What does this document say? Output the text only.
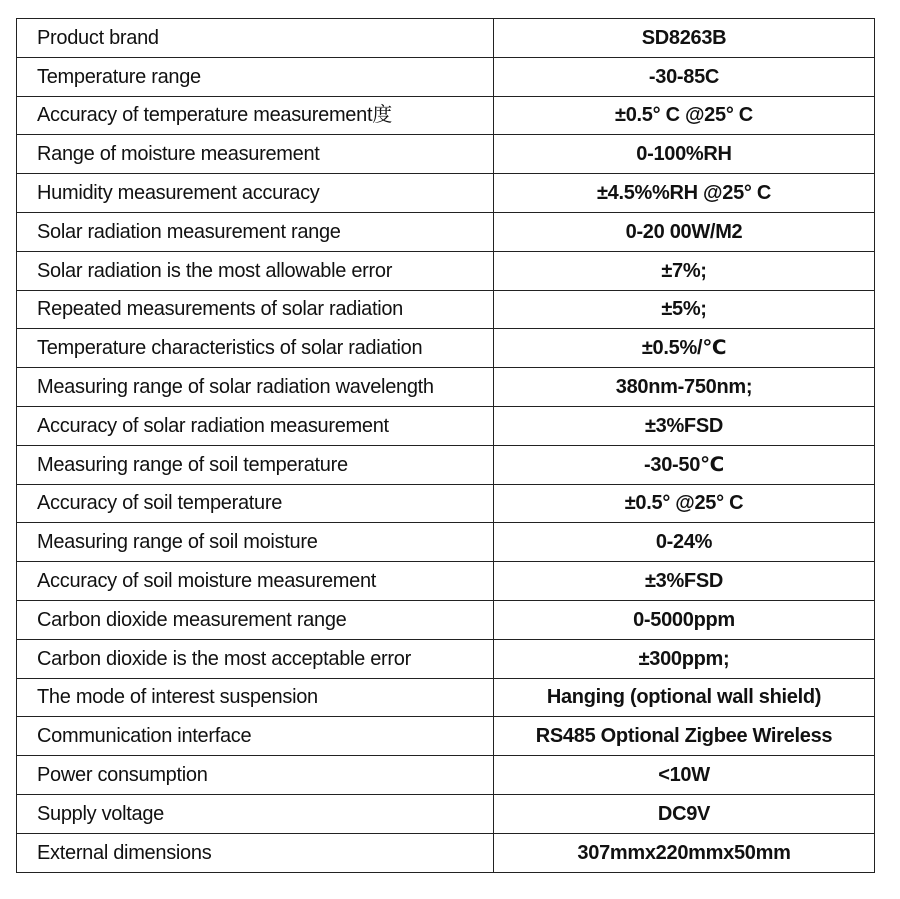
Product brand	SD8263B
Temperature range	-30-85C
Accuracy of temperature measurement度	±0.5° C @25° C
Range of moisture measurement	0-100%RH
Humidity measurement accuracy	±4.5%%RH @25° C
Solar radiation measurement range	0-20 00W/M2
Solar radiation is the most allowable error	±7%;
Repeated measurements of solar radiation	±5%;
Temperature characteristics of solar radiation	±0.5%/℃
Measuring range of solar radiation wavelength	380nm-750nm;
Accuracy of solar radiation measurement	±3%FSD
Measuring range of soil temperature	-30-50℃
Accuracy of soil temperature	±0.5° @25° C
Measuring range of soil moisture	0-24%
Accuracy of soil moisture measurement	±3%FSD
Carbon dioxide measurement range	0-5000ppm
Carbon dioxide is the most acceptable error	±300ppm;
The mode of interest suspension	Hanging (optional wall shield)
Communication interface	RS485 Optional Zigbee Wireless
Power consumption	<10W
Supply voltage	DC9V
External dimensions	307mmx220mmx50mm
